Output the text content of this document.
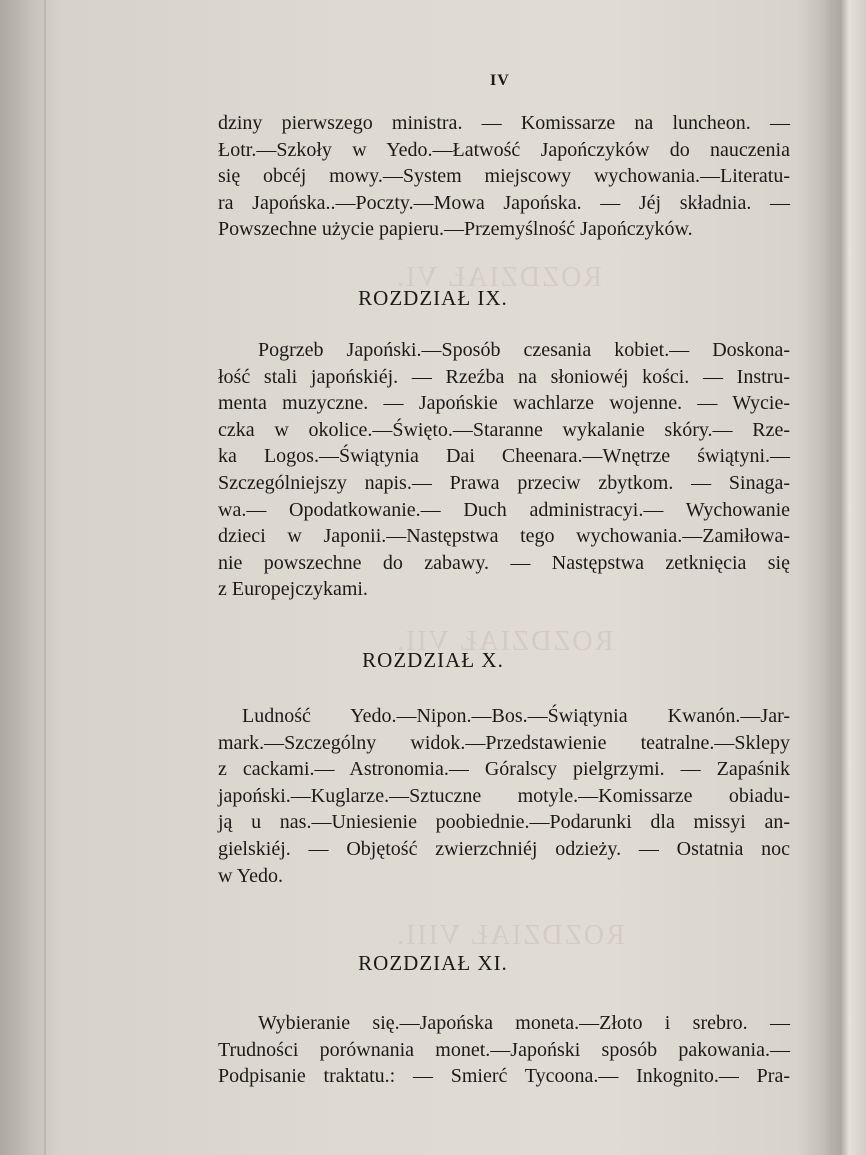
ROZDZIAŁ VI.
ROZDZIAŁ VII.
ROZDZIAŁ VIII.
IV
dziny pierwszego ministra. — Komissarze na luncheon. —
Łotr.—Szkoły w Yedo.—Łatwość Japończyków do nauczenia
się obcéj mowy.—System miejscowy wychowania.—Literatu-
ra Japońska..—Poczty.—Mowa Japońska. — Jéj składnia. —
Powszechne użycie papieru.—Przemyślność Japończyków.
ROZDZIAŁ IX.
Pogrzeb Japoński.—Sposób czesania kobiet.— Doskona-
łość stali japońskiéj. — Rzeźba na słoniowéj kości. — Instru-
menta muzyczne. — Japońskie wachlarze wojenne. — Wycie-
czka w okolice.—Święto.—Staranne wykalanie skóry.— Rze-
ka Logos.—Świątynia Dai Cheenara.—Wnętrze świątyni.—
Szczególniejszy napis.— Prawa przeciw zbytkom. — Sinaga-
wa.— Opodatkowanie.— Duch administracyi.— Wychowanie
dzieci w Japonii.—Następstwa tego wychowania.—Zamiłowa-
nie powszechne do zabawy. — Następstwa zetknięcia się
z Europejczykami.
ROZDZIAŁ X.
Ludność Yedo.—Nipon.—Bos.—Świątynia Kwanón.—Jar-
mark.—Szczególny widok.—Przedstawienie teatralne.—Sklepy
z cackami.— Astronomia.— Góralscy pielgrzymi. — Zapaśnik
japoński.—Kuglarze.—Sztuczne motyle.—Komissarze obiadu-
ją u nas.—Uniesienie poobiednie.—Podarunki dla missyi an-
gielskiéj. — Objętość zwierzchniéj odzieży. — Ostatnia noc
w Yedo.
ROZDZIAŁ XI.
Wybieranie się.—Japońska moneta.—Złoto i srebro. —
Trudności porównania monet.—Japoński sposób pakowania.—
Podpisanie traktatu.: — Smierć Tycoona.— Inkognito.— Pra-
